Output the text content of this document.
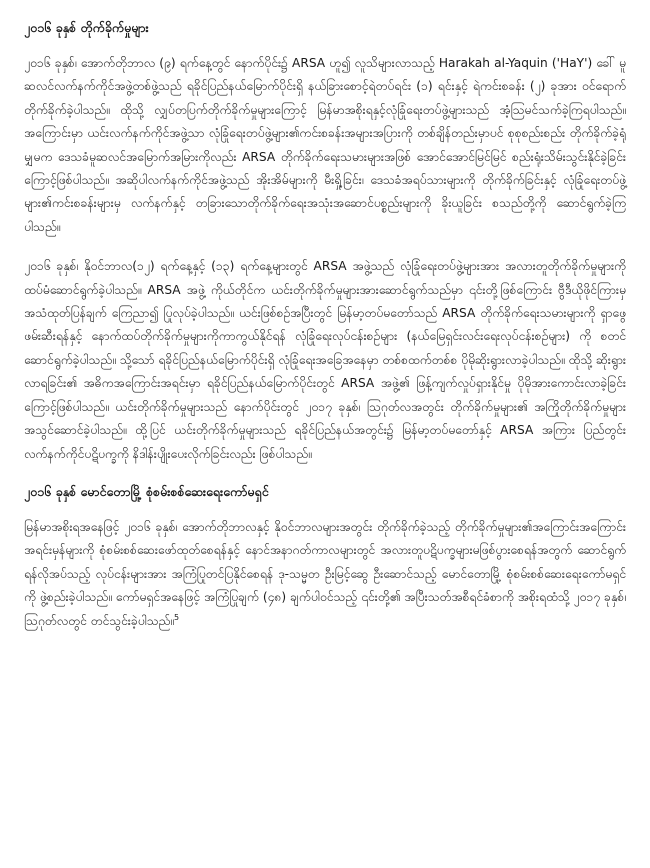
၂၀၁၆ ခုနှစ် တိုက်ခိုက်မှုများ

၂၀၁၆ ခုနှစ်၊ အောက်တိုဘာလ (၉) ရက်နေ့တွင် နောက်ပိုင်း၌ ARSA ဟူ၍ လူသိများလာသည့် Harakah al-Yaquin ('HaY') ခေါ် မူဆလင်လက်နက်ကိုင်အဖွဲ့တစ်ဖွဲ့သည် ရခိုင်ပြည်နယ်မြောက်ပိုင်းရှိ နယ်ခြားစောင့်ရဲတပ်ရင်း (၁) ရင်းနှင့် ရဲကင်းစခန်း (၂) ခုအား ဝင်ရောက်တိုက်ခိုက်ခဲ့ပါသည်။ ထိုသို့ လျှပ်တပြက်တိုက်ခိုက်မှုများကြောင့် မြန်မာအစိုးရနှင့်လုံခြုံရေးတပ်ဖွဲ့များသည် အံ့သြမင်သက်ခဲ့ကြရပါသည်။ အကြောင်းမှာ ယင်းလက်နက်ကိုင်အဖွဲ့သာ လုံခြုံရေးတပ်ဖွဲ့များ၏ကင်းစခန်းအများအပြားကို တစ်ချိန်တည်းမှာပင် စုစုစည်းစည်း တိုက်ခိုက်ခဲ့ရုံမျှမက ဒေသခံမူဆလင်အမြောက်အမြားကိုလည်း ARSA တိုက်ခိုက်ရေးသမားများအဖြစ် အောင်အောင်မြင်မြင် စည်းရုံးသိမ်းသွင်းနိုင်ခဲ့ခြင်းကြောင့်ဖြစ်ပါသည်။ အဆိုပါလက်နက်ကိုင်အဖွဲ့သည် အိုးအိမ်များကို မီးရှို့ခြင်း၊ ဒေသခံအရပ်သားများကို တိုက်ခိုက်ခြင်းနှင့် လုံခြုံရေးတပ်ဖွဲ့များ၏ကင်းစခန်းများမှ လက်နက်နှင့် တခြားသောတိုက်ခိုက်ရေးအသုံးအဆောင်ပစ္စည်းများကို ခိုးယူခြင်း စသည်တို့ကို ဆောင်ရွက်ခဲ့ကြပါသည်။

၂၀၁၆ ခုနှစ်၊ နိုဝင်ဘာလ(၁၂) ရက်နေ့နှင့် (၁၃) ရက်နေ့များတွင် ARSA အဖွဲ့သည် လုံခြုံရေးတပ်ဖွဲ့များအား အလားတူတိုက်ခိုက်မှုများကို ထပ်မံဆောင်ရွက်ခဲ့ပါသည်။ ARSA အဖွဲ့ ကိုယ်တိုင်က ယင်းတိုက်ခိုက်မှုများအားဆောင်ရွက်သည်မှာ ၎င်းတို့ဖြစ်ကြောင်း ဗွီဒီယိုဖိုင်ကြားမှ အသံထုတ်ပြန်ချက် ကြေညာ၍ ပြုလုပ်ခဲ့ပါသည်။ ယင်းဖြစ်စဉ်အပြီးတွင် မြန်မာ့တပ်မတော်သည် ARSA တိုက်ခိုက်ရေးသမားများကို ရှာဖွေဖမ်းဆီးရန်နှင့် နောက်ထပ်တိုက်ခိုက်မှုများကိုကာကွယ်နိုင်ရန် လုံခြုံရေးလုပ်ငန်းစဉ်များ (နယ်မြေရှင်းလင်းရေးလုပ်ငန်းစဉ်များ) ကို စတင်ဆောင်ရွက်ခဲ့ပါသည်။ သို့သော် ရခိုင်ပြည်နယ်မြောက်ပိုင်းရှိ လုံခြုံရေးအခြေအနေမှာ တစ်စထက်တစ်စ ပိုမိုဆိုးရွားလာခဲ့ပါသည်။ ထိုသို့ ဆိုးရွားလာရခြင်း၏ အဓိကအကြောင်းအရင်းမှာ ရခိုင်ပြည်နယ်မြောက်ပိုင်းတွင် ARSA အဖွဲ့၏ ဖြန့်ကျက်လှုပ်ရှားနိုင်မှု ပိုမိုအားကောင်းလာခဲ့ခြင်းကြောင့်ဖြစ်ပါသည်။ ယင်းတိုက်ခိုက်မှုများသည် နောက်ပိုင်းတွင် ၂၀၁၇ ခုနှစ်၊ ဩဂုတ်လအတွင်း တိုက်ခိုက်မှုများ၏ အကြိုတိုက်ခိုက်မှုများအသွင်ဆောင်ခဲ့ပါသည်။ ထို့ပြင် ယင်းတိုက်ခိုက်မှုများသည် ရခိုင်ပြည်နယ်အတွင်း၌ မြန်မာ့တပ်မတော်နှင့် ARSA အကြား ပြည်တွင်းလက်နက်ကိုင်ပဋိပက္ခကို နိဒါန်းပျိုးပေးလိုက်ခြင်းလည်း ဖြစ်ပါသည်။

၂၀၁၆ ခုနှစ် မောင်တောမြို့ စုံစမ်းစစ်ဆေးရေးကော်မရှင်

မြန်မာအစိုးရအနေဖြင့် ၂၀၁၆ ခုနှစ်၊ အောက်တိုဘာလနှင့် နိုဝင်ဘာလများအတွင်း တိုက်ခိုက်ခဲ့သည့် တိုက်ခိုက်မှုများ၏အကြောင်းအကြောင်းအရင်းမှန်များကို စုံစမ်းစစ်ဆေးဖော်ထုတ်စေရန်နှင့် နောင်အနာဂတ်ကာလများတွင် အလားတူပဋိပက္ခများမဖြစ်ပွားစေရန်အတွက် ဆောင်ရွက်ရန်လိုအပ်သည့် လုပ်ငန်းများအား အကြံပြုတင်ပြနိုင်စေရန် ဒု-သမ္မတ ဦးမြင့်ဆွေ ဦးဆောင်သည့် မောင်တောမြို့ စုံစမ်းစစ်ဆေးရေးကော်မရှင်ကို ဖွဲ့စည်းခဲ့ပါသည်။ ကော်မရှင်အနေဖြင့် အကြံပြုချက် (၄၈) ချက်ပါဝင်သည့် ၎င်းတို့၏ အပြီးသတ်အစီရင်ခံစာကို အစိုးရထံသို့ ၂၀၁၇ ခုနှစ်၊ ဩဂုတ်လတွင် တင်သွင်းခဲ့ပါသည်။$^5$
